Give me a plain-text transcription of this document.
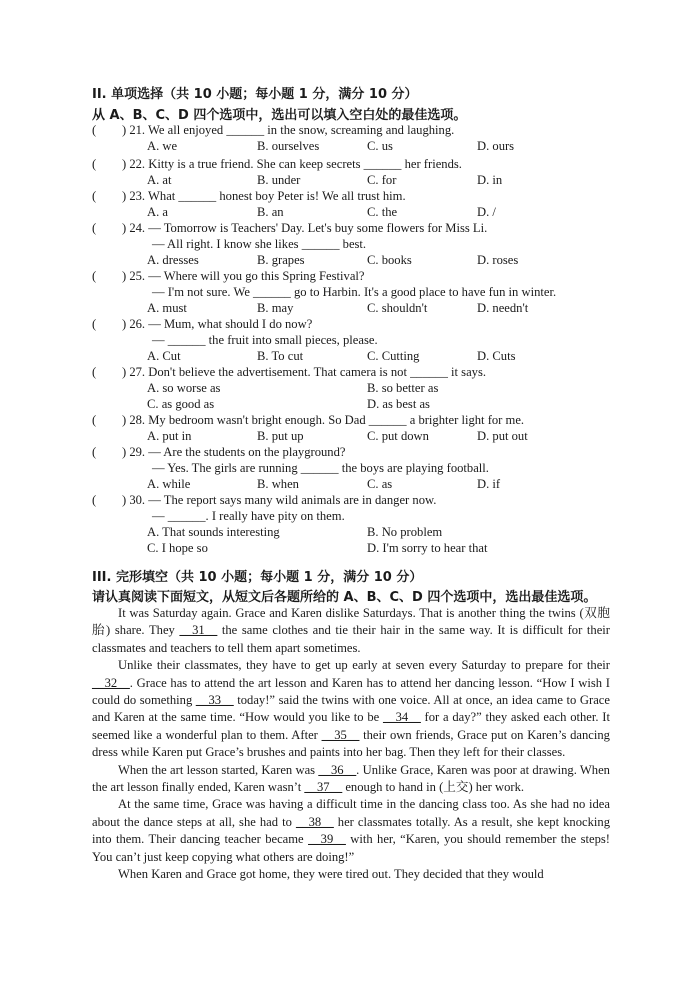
II. 单项选择（共 10 小题；每小题 1 分，满分 10 分）
从 A、B、C、D 四个选项中，选出可以填入空白处的最佳选项。
( ) 21. We all enjoyed ______ in the snow, screaming and laughing.
A. we	B. ourselves	C. us	D. ours
( ) 22. Kitty is a true friend. She can keep secrets ______ her friends.
A. at	B. under	C. for	D. in
( ) 23. What ______ honest boy Peter is! We all trust him.
A. a	B. an	C. the	D. /
( ) 24. — Tomorrow is Teachers' Day. Let's buy some flowers for Miss Li.
— All right. I know she likes ______ best.
A. dresses	B. grapes	C. books	D. roses
( ) 25. — Where will you go this Spring Festival?
— I'm not sure. We ______ go to Harbin. It's a good place to have fun in winter.
A. must	B. may	C. shouldn't	D. needn't
( ) 26. — Mum, what should I do now?
— ______ the fruit into small pieces, please.
A. Cut	B. To cut	C. Cutting	D. Cuts
( ) 27. Don't believe the advertisement. That camera is not ______ it says.
A. so worse as	B. so better as
C. as good as	D. as best as
( ) 28. My bedroom wasn't bright enough. So Dad ______ a brighter light for me.
A. put in	B. put up	C. put down	D. put out
( ) 29. — Are the students on the playground?
— Yes. The girls are running ______ the boys are playing football.
A. while	B. when	C. as	D. if
( ) 30. — The report says many wild animals are in danger now.
— ______. I really have pity on them.
A. That sounds interesting	B. No problem
C. I hope so	D. I'm sorry to hear that
III. 完形填空（共 10 小题；每小题 1 分，满分 10 分）
请认真阅读下面短文，从短文后各题所给的 A、B、C、D 四个选项中，选出最佳选项。

It was Saturday again. Grace and Karen dislike Saturdays. That is another thing the twins (双胞胎) share. They __31__ the same clothes and tie their hair in the same way. It is difficult for their classmates and teachers to tell them apart sometimes.

Unlike their classmates, they have to get up early at seven every Saturday to prepare for their __32__. Grace has to attend the art lesson and Karen has to attend her dancing lesson. “How I wish I could do something __33__ today!” said the twins with one voice. All at once, an idea came to Grace and Karen at the same time. “How would you like to be __34__ for a day?” they asked each other. It seemed like a wonderful plan to them. After __35__ their own friends, Grace put on Karen’s dancing dress while Karen put Grace’s brushes and paints into her bag. Then they left for their classes.

When the art lesson started, Karen was __36__. Unlike Grace, Karen was poor at drawing. When the art lesson finally ended, Karen wasn’t __37__ enough to hand in (上交) her work.

At the same time, Grace was having a difficult time in the dancing class too. As she had no idea about the dance steps at all, she had to __38__ her classmates totally. As a result, she kept knocking into them. Their dancing teacher became __39__ with her, “Karen, you should remember the steps! You can’t just keep copying what others are doing!”

When Karen and Grace got home, they were tired out. They decided that they would
